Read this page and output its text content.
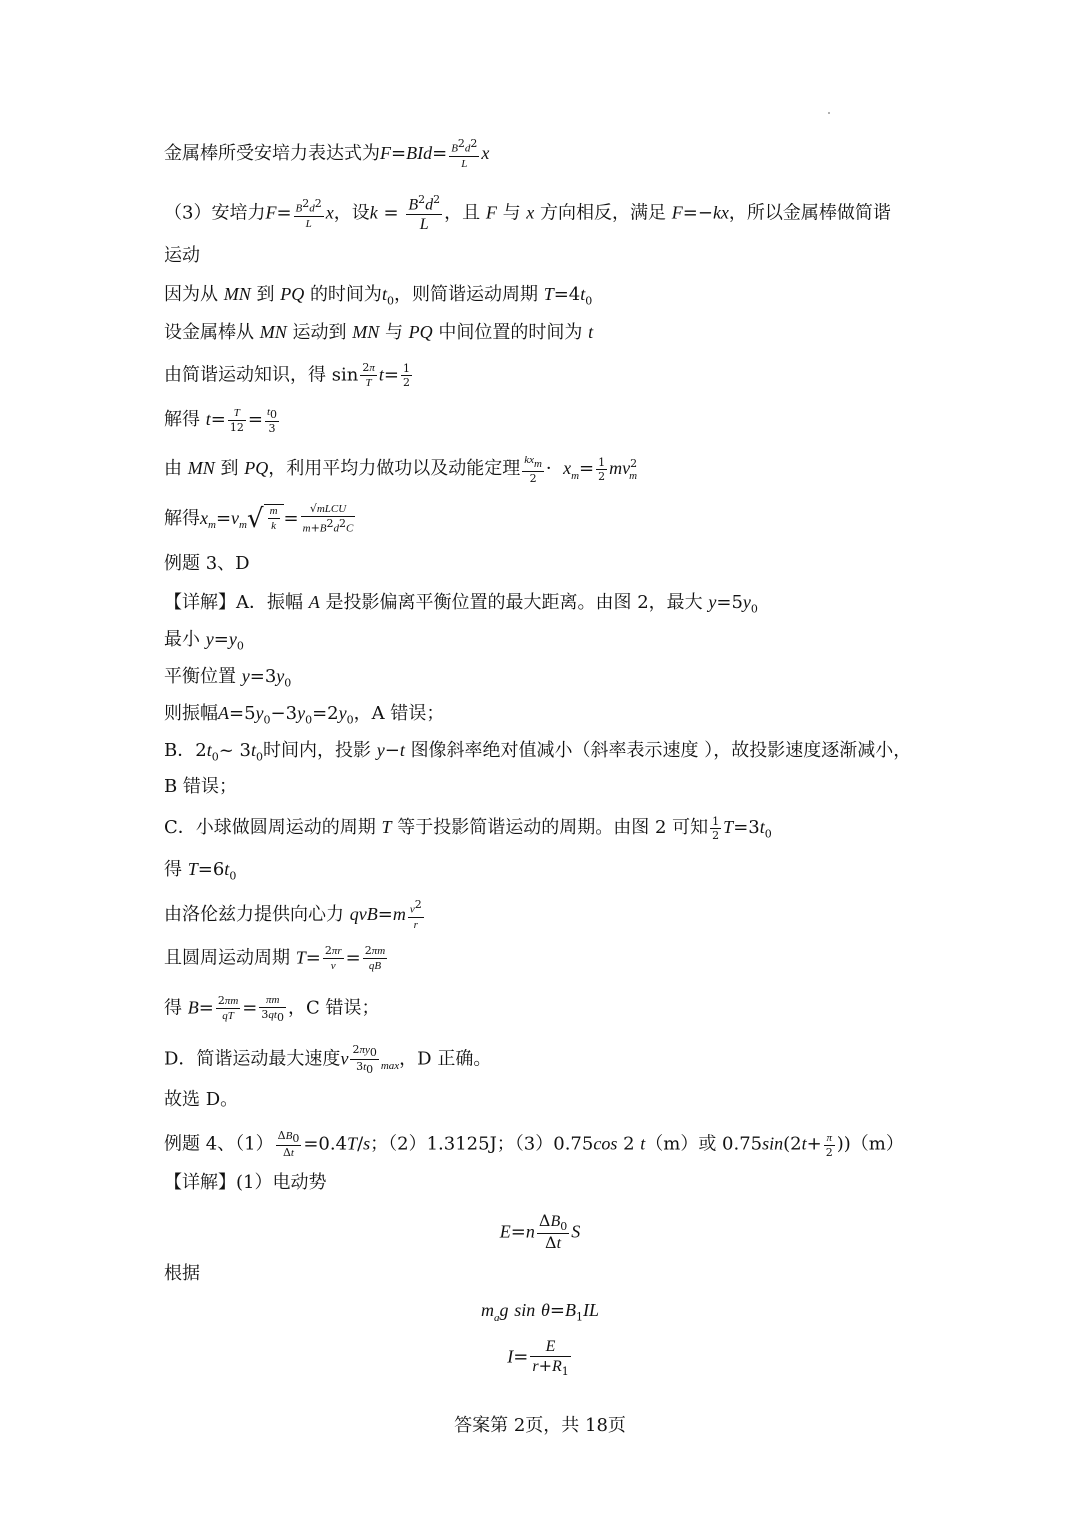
金属棒所受安培力表达式为$F=BId= \frac{B^2d^2}{L}$ x
（3）安培力$F= \frac{B^2d^2}{L}$ x，设$k = \frac{B^2d^2}{L}$ ，且 F 与 x 方向相反，满足 F=−kx，所以金属棒做简谐
运动
因为从 MN 到 PQ 的时间为$t_0$，则简谐运动周期 $T=4t_0$
设金属棒从 MN 运动到 MN 与 PQ 中间位置的时间为 t
由简谐运动知识，得 $\sin \frac{2\pi}{T} t= \frac{1}{2}$
解得 $t= \frac{T}{12} = \frac{t_0}{3}$
由 MN 到 PQ，利用平均力做功以及动能定理 $kx_m$
$2 \cdot x_m= \frac{1}{2} mv^2_m$
解得$x_m=v_m√ \frac{m}{k}$ =	√mLCU
$m+B^2d^2C$
例题 3、D
【详解】A．振幅 A 是投影偏离平衡位置的最大距离。由图 2，最大 $y=5y_0$
最小 $y=y_0$
平衡位置 $y=3y_0$
则振幅$A=5y_0-3y_0=2y_0$，A 错误；
B．$2t_0\sim$ $3t_0$时间内，投影 y−t 图像斜率绝对值减小（斜率表示速度 ），故投影速度逐渐减小，
B 错误；
C．小球做圆周运动的周期 T 等于投影简谐运动的周期。由图 2 可知 $\frac{1}{2} T=3t_0$
得 $T=6t_0$
由洛伦兹力提供向心力 $qvB=m \frac{v^2}{r}$
且圆周运动周期 $T= \frac{2\pi r}{v} = \frac{2\pi m}{qB}$
得 $B= \frac{2\pi m}{qT} = \frac{\pi m}{3qt_0}$ ，C 错误；
D．简谐运动最大速度v $\frac{2\pi y_0}{3t_0} _{max}$，D 正确。
故选 D。
例题 4、$(1) \frac{\Delta B_0}{\Delta t} =0.4T/s$；（2）1.3125J；（3）0.75cos 2 t（m）或 $0.75\sin(2t+ \frac{\pi}{2} ))(m)$
【详解】(1）电动势
$E=n \frac{\Delta B_0}{\Delta t}$ S
根据
$m_ag$ $\sin \theta=B_1IL$
$I= \frac{E}{r+R_1}$
答案第 2页，共 18页
